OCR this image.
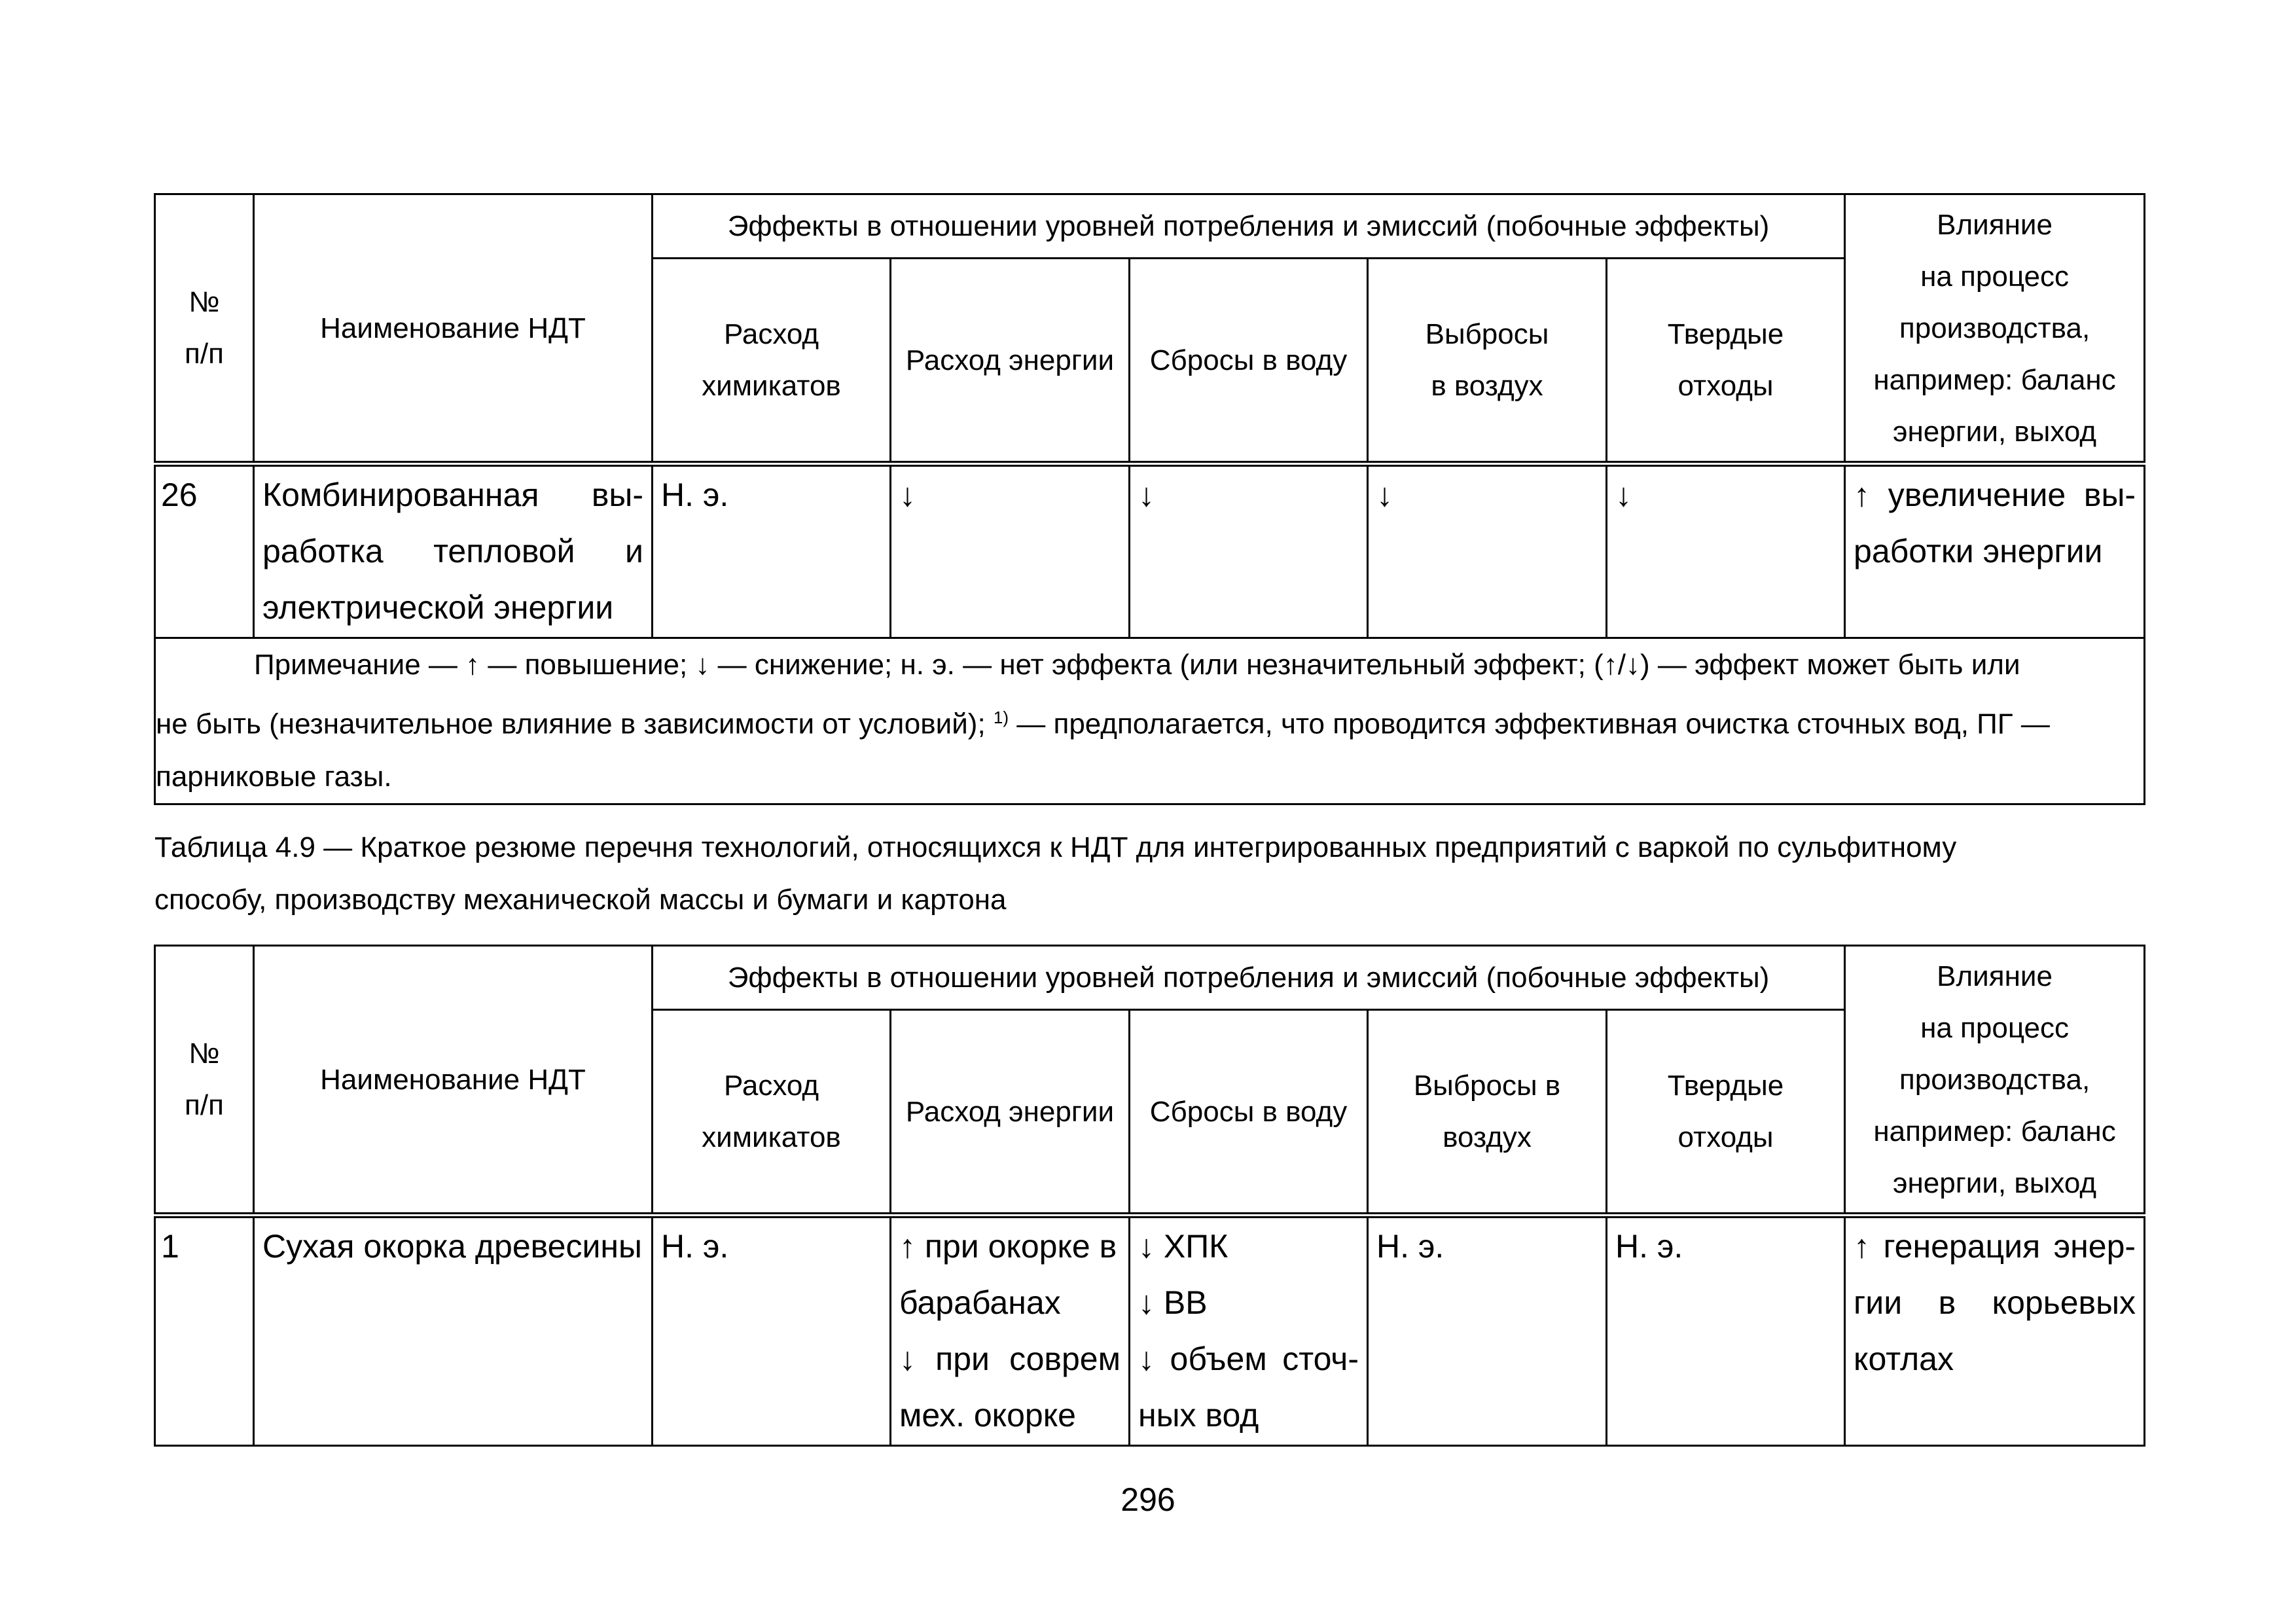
№
п/п	Наименование НДТ	Эффекты в отношении уровней потребления и эмиссий (побочные эффекты)					Влияние
на процесс
производства,
например: баланс
энергии, выход

		Расход
химикатов	Расход энергии	Сбросы в воду	Выбросы
в воздух	Твердые
отходы	

26	Комбинированная вы-
работка тепловой и
электрической энергии	Н. э.	↓	↓	↓	↓	↑ увеличение вы-
работки энергии

Примечание — ↑ — повышение; ↓ — снижение; н. э. — нет эффекта (или незначительный эффект; (↑/↓) — эффект может быть или

не быть (незначительное влияние в зависимости от условий); $^{1)}$ — предполагается, что проводится эффективная очистка сточных вод, ПГ —

парниковые газы.							

Таблица 4.9 — Краткое резюме перечня технологий, относящихся к НДТ для интегрированных предприятий с варкой по сульфитному
способу, производству механической массы и бумаги и картона
№
п/п	Наименование НДТ	Эффекты в отношении уровней потребления и эмиссий (побочные эффекты)					Влияние
на процесс
производства,
например: баланс
энергии, выход

		Расход
химикатов	Расход энергии	Сбросы в воду	Выбросы в
воздух	Твердые
отходы	

1	Сухая окорка древесины	Н. э.	↑ при окорке в
барабанах
↓ при соврем
мех. окорке	↓ ХПК
↓ ВВ
↓ объем сточ-
ных вод	Н. э.	Н. э.	↑ генерация энер-
гии в корьевых
котлах
296
